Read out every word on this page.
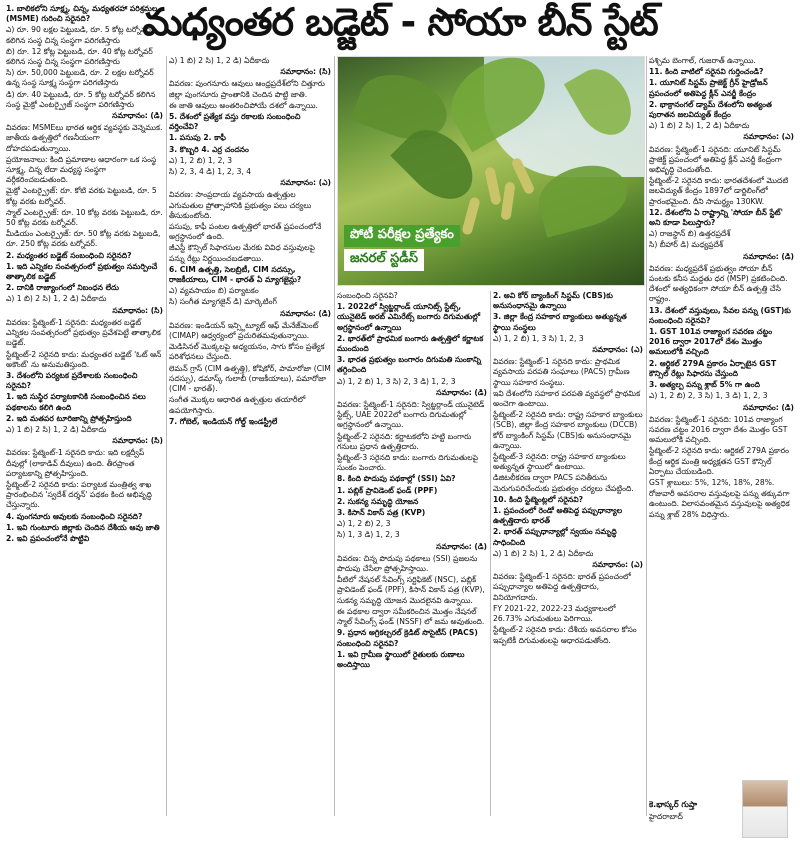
మధ్యంతర బడ్జెట్ - సోయా బీన్ స్టేట్

1. బాలికలోని సూక్ష్మ, చిన్న, మధ్యతరహా పరిశ్రమల (MSME) గురించి సరైనది?

ఎ) రూ. 90 లక్షల పెట్టుబడి, రూ. 5 కోట్ల టర్నోవర్ కలిగిన సంస్థ చిన్న సంస్థగా పరిగణిస్తారు

బి) రూ. 12 కోట్ల పెట్టుబడి, రూ. 40 కోట్ల టర్నోవర్ కలిగిన సంస్థ చిన్న సంస్థగా పరిగణిస్తారు

సి) రూ. 50,000 పెట్టుబడి, రూ. 2 లక్షల టర్నోవర్ ఉన్న సంస్థ సూక్ష్మ సంస్థగా పరిగణిస్తారు

డి) రూ. 40 పెట్టుబడి, రూ. 5 కోట్ల టర్నోవర్ కలిగిన సంస్థ మైక్రో ఎంటర్ప్రైజ్ సంస్థగా పరిగణిస్తారు

సమాధానం: (డి)

వివరణ: MSMEలు భారత ఆర్థిక వ్యవస్థకు వెన్నెముక. జాతీయ ఉత్పత్తిలో గణనీయంగా దోహదపడుతున్నాయి.

ప్రయోజనాలు: కింది ప్రమాణాల ఆధారంగా ఒక సంస్థ సూక్ష్మ, చిన్న లేదా మధ్యస్థ సంస్థగా వర్గీకరించబడుతుంది.

మైక్రో ఎంటర్ప్రైజ్: రూ. కోటి వరకు పెట్టుబడి, రూ. 5 కోట్ల వరకు టర్నోవర్.

స్మాల్ ఎంటర్ప్రైజ్: రూ. 10 కోట్ల వరకు పెట్టుబడి, రూ. 50 కోట్ల వరకు టర్నోవర్.

మీడియం ఎంటర్ప్రైజ్: రూ. 50 కోట్ల వరకు పెట్టుబడి, రూ. 250 కోట్ల వరకు టర్నోవర్.

2. మధ్యంతర బడ్జెట్ సంబంధించి సరైనది?

1. ఇది ఎన్నికల సంవత్సరంలో ప్రభుత్వం సమర్పించే తాత్కాలిక బడ్జెట్

2. దానికి రాజ్యాంగంలో నిబంధన లేదు

ఎ) 1 బి) 2 సి) 1, 2 డి) ఏదీకాదు

సమాధానం: (సి)

వివరణ: స్టేట్మెంట్-1 సరైనది: మధ్యంతర బడ్జెట్ ఎన్నికల సంవత్సరంలో ప్రభుత్వం ప్రవేశపెట్టే తాత్కాలిక బడ్జెట్.

స్టేట్మెంట్-2 సరైనది కాదు: మధ్యంతర బడ్జెట్ 'ఓట్ ఆన్ అకౌంట్' ను అనుమతిస్తుంది.

3. దేశంలోని పర్యటక ప్రదేశాలకు సంబంధించి సరైనవి?

1. ఇది సుస్థిర పర్యాటకానికి సంబంధించిన పలు పథకాలను కలిగి ఉంది

2. ఇది మతపర టూరిజాన్ని ప్రోత్సహిస్తుంది

ఎ) 1 బి) 2 సి) 1, 2 డి) ఏదీకాదు

సమాధానం: (సి)

వివరణ: స్టేట్మెంట్-1 సరైనది కాదు: ఇది లక్షద్వీప్ దీవుల్లో (లాకాడివ్ దీవులు) ఉంది. తీరప్రాంత పర్యాటకాన్ని ప్రోత్సహిస్తుంది.

స్టేట్మెంట్-2 సరైనది కాదు: పర్యాటక మంత్రిత్వ శాఖ ప్రారంభించిన 'స్వదేశ్ దర్శన్' పథకం కింద అభివృద్ధి చేస్తున్నారు.

4. పుంగనూరు ఆవులకు సంబంధించి సరైనది?

1. ఇవి గుంటూరు జిల్లాకు చెందిన దేశీయ ఆవు జాతి

2. ఇవి ప్రపంచంలోనే పొట్టివి

ఎ) 1 బి) 2 సి) 1, 2 డి) ఏదీకాదు

సమాధానం: (సి)

వివరణ: పుంగనూరు ఆవులు ఆంధ్రప్రదేశ్‌లోని చిత్తూరు జిల్లా పుంగనూరు ప్రాంతానికి చెందిన పొట్టి జాతి.

ఈ జాతి ఆవులు అంతరించిపోయే దశలో ఉన్నాయి.

5. దేశంలో ప్రత్యేక వస్తు రకాలకు సంబంధించి వర్తించేవి?

1. పసుపు 2. కాఫీ

3. కొబ్బరి 4. ఎర్ర చందనం

ఎ) 1, 2 బి) 1, 2, 3

సి) 2, 3, 4 డి) 1, 2, 3, 4

సమాధానం: (ఎ)

వివరణ: సాంప్రదాయ వ్యవసాయ ఉత్పత్తుల ఎగుమతుల ప్రోత్సాహానికి ప్రభుత్వం పలు చర్యలు తీసుకుంటోంది.

పసుపు, కాఫీ పంటల ఉత్పత్తిలో భారత్ ప్రపంచంలోనే అగ్రస్థానంలో ఉంది.

జీఎస్టీ కౌన్సిల్ సిఫారసుల మేరకు వివిధ వస్తువులపై పన్ను రేట్లు నిర్ణయించబడతాయి.

6. CIM ఉత్పత్తి, సెలబ్రిటీ, CIM సదస్సు, రాజకీయాలు, CIM - భారత్ ఏ మ్యాగజైన్లు?

ఎ) వ్యవసాయం బి) పర్యాటకం

సి) సంగీత మ్యాగజైన్ డి) మార్కెటింగ్

సమాధానం: (డి)

వివరణ: ఇండియన్ ఇన్స్టిట్యూట్ ఆఫ్ మేనేజ్‌మెంట్ (CIMAP) ఆధ్వర్యంలో ప్రచురితమవుతున్నాయి.

మెడిసినల్ మొక్కలపై అధ్యయనం, సాగు కోసం ప్రత్యేక పరిశోధనలు చేస్తుంది.

లెమన్ గ్రాస్ (CIM ఉత్పత్తి), కోషికోర్, పామారోజా (CIM సదస్సు), డమాస్క్ గులాబీ (రాజకీయాలు), పమారోజా (CIM - భారత్).

సంగీత మొక్కల ఆధారిత ఉత్పత్తుల తయారీలో ఉపయోగిస్తారు.

7. గోబెల్, ఇండియన్ గోల్డ్ ఇండస్ట్రీలే

పోటీ పరీక్షల ప్రత్యేకం
జనరల్ స్టడీస్

సంబంధించి సరైనవి?

1. 2022లో స్విట్జర్లాండ్ యూనిట్స్ స్టేట్స్, యునైటెడ్ అరబ్ ఎమిరేట్స్ బంగారు దిగుమతుల్లో అగ్రస్థానంలో ఉన్నాయి

2. భారత్‌లో ప్రాధమిక బంగారు ఉత్పత్తిలో కర్ణాటక ముందుంది

3. భారత ప్రభుత్వం బంగారం దిగుమతి సుంకాన్ని తగ్గించింది

ఎ) 1, 2 బి) 1, 3 సి) 2, 3 డి) 1, 2, 3

సమాధానం: (డి)

వివరణ: స్టేట్మెంట్-1 సరైనది: స్విట్జర్లాండ్ యునైటెడ్ స్టేట్స్, UAE 2022లో బంగారు దిగుమతుల్లో అగ్రస్థానంలో ఉన్నాయి.

స్టేట్మెంట్-2 సరైనది: కర్ణాటకలోని హట్టి బంగారు గనులు ప్రధాన ఉత్పత్తిదారు.

స్టేట్మెంట్-3 సరైనది కాదు: బంగారు దిగుమతులపై సుంకం పెంచారు.

8. కింది పొదుపు పథకాల్లో (SSI) ఏవి?

1. పబ్లిక్ ప్రావిడెంట్ ఫండ్ (PPF)

2. సుకన్య సమృద్ధి యోజన

3. కిసాన్ వికాస్ పత్ర (KVP)

ఎ) 1, 2 బి) 2, 3

సి) 1, 3 డి) 1, 2, 3

సమాధానం: (డి)

వివరణ: చిన్న పొదుపు పథకాలు (SSI) ప్రజలను పొదుపు చేసేలా ప్రోత్సహిస్తాయి.

వీటిలో నేషనల్ సేవింగ్స్ సర్టిఫికెట్ (NSC), పబ్లిక్ ప్రావిడెంట్ ఫండ్ (PPF), కిసాన్ వికాస్ పత్ర (KVP), సుకన్య సమృద్ధి యోజన మొదలైనవి ఉన్నాయి.

ఈ పథకాల ద్వారా సమీకరించిన మొత్తం నేషనల్ స్మాల్ సేవింగ్స్ ఫండ్ (NSSF) లో జమ అవుతుంది.

9. ప్రధాన అగ్రికల్చరల్ క్రెడిట్ సొసైటీస్ (PACS) సంబంధించి సరైనవి?

1. ఇవి గ్రామీణ స్థాయిలో రైతులకు రుణాలు అందిస్తాయి

2. అవి కోర్ బ్యాంకింగ్ సిస్టమ్ (CBS)కు అనుసంధానమై ఉన్నాయి

3. జిల్లా కేంద్ర సహకార బ్యాంకులు అత్యున్నత స్థాయి సంస్థలు

ఎ) 1, 2 బి) 1, 3 సి) 1, 2, 3

సమాధానం: (ఎ)

వివరణ: స్టేట్మెంట్-1 సరైనది కాదు: ప్రాథమిక వ్యవసాయ పరపతి సంఘాలు (PACS) గ్రామీణ స్థాయి సహకార సంస్థలు.

ఇవి దేశంలోని సహకార పరపతి వ్యవస్థలో ప్రాథమిక అంచెగా ఉంటాయి.

స్టేట్మెంట్-2 సరైనది కాదు: రాష్ట్ర సహకార బ్యాంకులు (SCB), జిల్లా కేంద్ర సహకార బ్యాంకులు (DCCB) కోర్ బ్యాంకింగ్ సిస్టమ్ (CBS)కు అనుసంధానమై ఉన్నాయి.

స్టేట్మెంట్-3 సరైనది: రాష్ట్ర సహకార బ్యాంకులు అత్యున్నత స్థాయిలో ఉంటాయి.

డిజిటలీకరణ ద్వారా PACS పనితీరును మెరుగుపరిచేందుకు ప్రభుత్వం చర్యలు చేపట్టింది.

10. కింది స్టేట్మెంట్లలో సరైనవి?

1. ప్రపంచంలో రెండో అతిపెద్ద పప్పుధాన్యాల ఉత్పత్తిదారు భారత్

2. భారత్ పప్పుధాన్యాల్లో స్వయం సమృద్ధి సాధించింది

ఎ) 1 బి) 2 సి) 1, 2 డి) ఏదీకాదు

సమాధానం: (ఎ)

వివరణ: స్టేట్మెంట్-1 సరైనది: భారత్ ప్రపంచంలో పప్పుధాన్యాల అతిపెద్ద ఉత్పత్తిదారు, వినియోగదారు.

FY 2021-22, 2022-23 మధ్యకాలంలో 26.73% ఎగుమతులు పెరిగాయి.

స్టేట్మెంట్-2 సరైనది కాదు: దేశీయ అవసరాల కోసం ఇప్పటికీ దిగుమతులపై ఆధారపడుతోంది.

పశ్చిమ బెంగాల్, గుజరాత్ ఉన్నాయి.

11. కింది వాటిలో సరైనవి గుర్తించండి?

1. యూనిట్ సిస్టమ్ ప్రాజెక్ట్ గ్రీన్ హైడ్రోజన్ ప్రపంచంలో అతిపెద్ద క్లీన్ ఎనర్జీ కేంద్రం

2. భాక్రానంగల్ డ్యామ్ దేశంలోని అత్యంత పురాతన జలవిద్యుత్ కేంద్రం

ఎ) 1 బి) 2 సి) 1, 2 డి) ఏదీకాదు

సమాధానం: (ఎ)

వివరణ: స్టేట్మెంట్-1 సరైనది: యూనిట్ సిస్టమ్ ప్రాజెక్ట్ ప్రపంచంలో అతిపెద్ద క్లీన్ ఎనర్జీ కేంద్రంగా అభివృద్ధి చెందుతోంది.

స్టేట్మెంట్-2 సరైనది కాదు: భారతదేశంలో మొదటి జలవిద్యుత్ కేంద్రం 1897లో డార్జిలింగ్‌లో ప్రారంభమైంది. దీని సామర్థ్యం 130KW.

12. దేశంలోని ఏ రాష్ట్రాన్ని 'సోయా బీన్ స్టేట్' అని కూడా పిలుస్తారు?

ఎ) రాజస్థాన్ బి) ఉత్తరప్రదేశ్

సి) బీహార్ డి) మధ్యప్రదేశ్

సమాధానం: (డి)

వివరణ: మధ్యప్రదేశ్ ప్రభుత్వం సోయా బీన్ పంటకు కనీస మద్దతు ధర (MSP) ప్రకటించింది. దేశంలో అత్యధికంగా సోయా బీన్ ఉత్పత్తి చేసే రాష్ట్రం.

13. దేశంలో వస్తువులు, సేవల పన్ను (GST)కు సంబంధించి సరైనవి?

1. GST 101వ రాజ్యాంగ సవరణ చట్టం 2016 ద్వారా 2017లో దేశం మొత్తం అమలులోకి వచ్చింది

2. ఆర్టికల్ 279A ప్రకారం ఏర్పాటైన GST కౌన్సిల్ రేట్లు సిఫారసు చేస్తుంది

3. అత్యల్ప పన్ను శ్లాబ్ 5% గా ఉంది

ఎ) 1, 2 బి) 2, 3 సి) 1, 3 డి) 1, 2, 3

సమాధానం: (డి)

వివరణ: స్టేట్మెంట్-1 సరైనది: 101వ రాజ్యాంగ సవరణ చట్టం 2016 ద్వారా దేశం మొత్తం GST అమలులోకి వచ్చింది.

స్టేట్మెంట్-2 సరైనది కాదు: ఆర్టికల్ 279A ప్రకారం కేంద్ర ఆర్థిక మంత్రి అధ్యక్షతన GST కౌన్సిల్ ఏర్పాటు చేయబడింది.

GST శ్లాబులు: 5%, 12%, 18%, 28%.

రోజువారీ అవసరాల వస్తువులపై పన్ను తక్కువగా ఉంటుంది. విలాసవంతమైన వస్తువులపై అత్యధిక పన్ను శ్లాబ్ 28% విధిస్తారు.

కె.భాస్కర్ గుప్తా
హైదరాబాద్
